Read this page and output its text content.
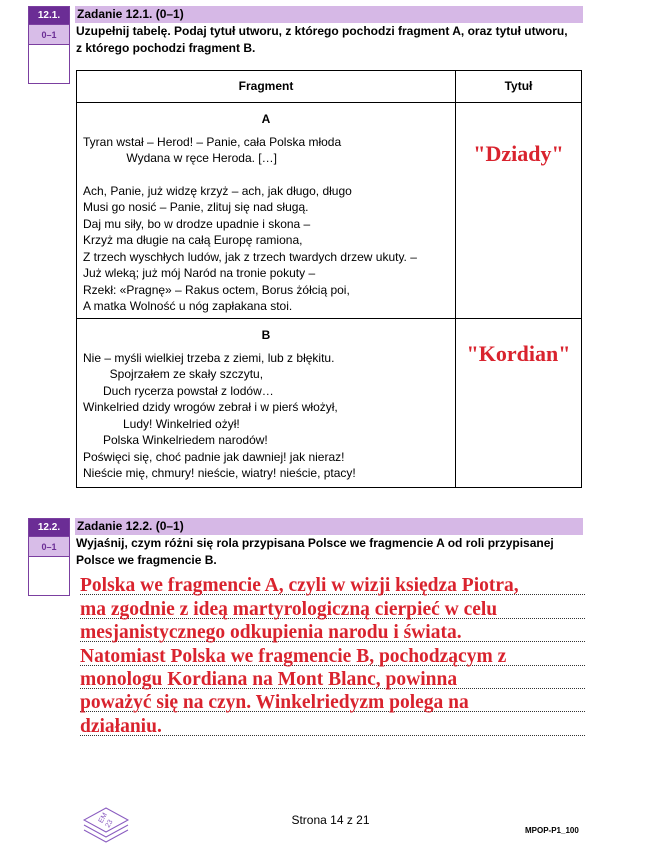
12.1.
0–1
Zadanie 12.1. (0–1)
Uzupełnij tabelę. Podaj tytuł utworu, z którego pochodzi fragment A, oraz tytuł utworu,
z którego pochodzi fragment B.
Fragment	Tytuł
A
Tyran wstał – Herod! – Panie, cała Polska młoda
Wydana w ręce Heroda. […]
Ach, Panie, już widzę krzyż – ach, jak długo, długo
Musi go nosić – Panie, zlituj się nad sługą.
Daj mu siły, bo w drodze upadnie i skona –
Krzyż ma długie na całą Europę ramiona,
Z trzech wyschłych ludów, jak z trzech twardych drzew ukuty. –
Już wleką; już mój Naród na tronie pokuty –
Rzekł: «Pragnę» – Rakus octem, Borus żółcią poi,
A matka Wolność u nóg zapłakana stoi.
"Dziady"
B
Nie – myśli wielkiej trzeba z ziemi, lub z błękitu.
Spojrzałem ze skały szczytu,
Duch rycerza powstał z lodów…
Winkelried dzidy wrogów zebrał i w pierś włożył,
Ludy! Winkelried ożył!
Polska Winkelriedem narodów!
Poświęci się, choć padnie jak dawniej! jak nieraz!
Nieście mię, chmury! nieście, wiatry! nieście, ptacy!
"Kordian"
12.2.
0–1
Zadanie 12.2. (0–1)
Wyjaśnij, czym różni się rola przypisana Polsce we fragmencie A od roli przypisanej
Polsce we fragmencie B.
Polska we fragmencie A, czyli w wizji księdza Piotra,
ma zgodnie z ideą martyrologiczną cierpieć w celu
mesjanistycznego odkupienia narodu i świata.
Natomiast Polska we fragmencie B, pochodzącym z
monologu Kordiana na Mont Blanc, powinna
poważyć się na czyn. Winkelriedyzm polega na
działaniu.
EM
23	Strona 14 z 21
MPOP-P1_100
